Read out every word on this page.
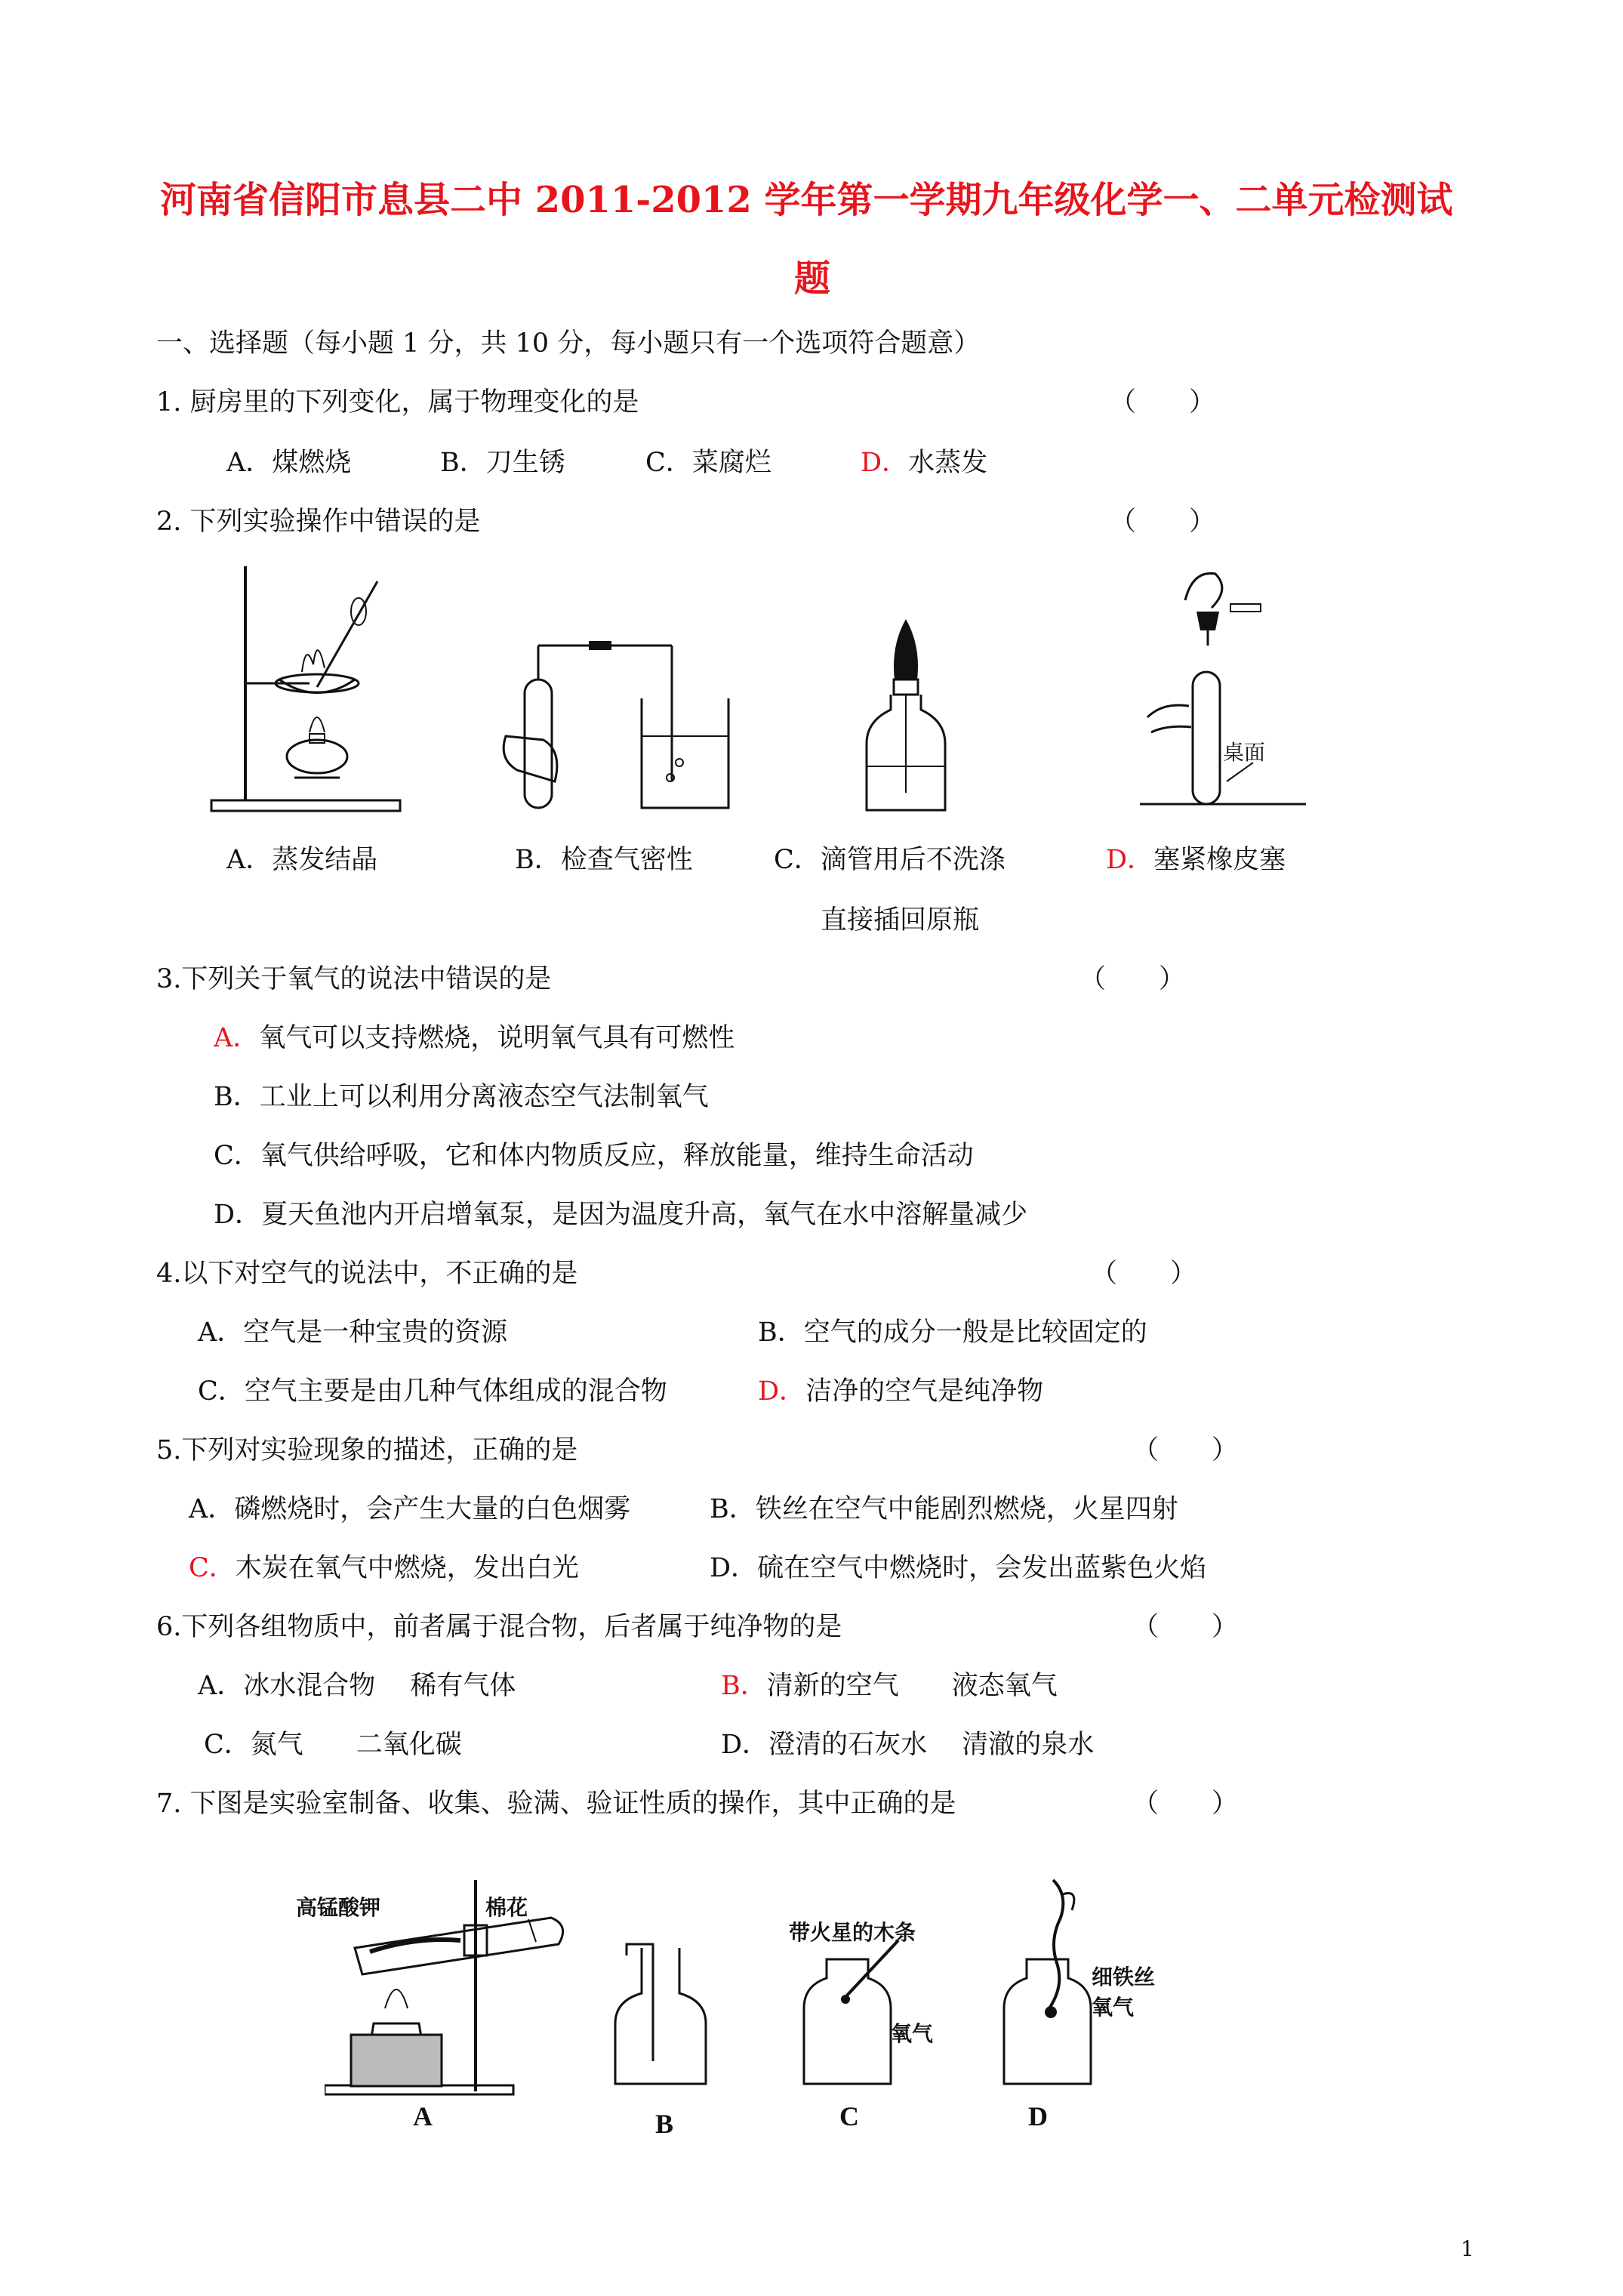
河南省信阳市息县二中 2011-2012 学年第一学期九年级化学一、二单元检测试
题
一、选择题（每小题 1 分，共 10 分，每小题只有一个选项符合题意）
1. 厨房里的下列变化，属于物理变化的是	（　　）
A．煤燃烧	B．刀生锈	C．菜腐烂	D．水蒸发
2. 下列实验操作中错误的是	（　　）
桌面
A．蒸发结晶	B．检查气密性	C．滴管用后不洗涤
直接插回原瓶
D．塞紧橡皮塞
3.下列关于氧气的说法中错误的是	（　　）
A．氧气可以支持燃烧，说明氧气具有可燃性
B．工业上可以利用分离液态空气法制氧气
C．氧气供给呼吸，它和体内物质反应，释放能量，维持生命活动
D．夏天鱼池内开启增氧泵，是因为温度升高，氧气在水中溶解量减少
4.以下对空气的说法中，不正确的是	（　　）
A．空气是一种宝贵的资源	B．空气的成分一般是比较固定的
C．空气主要是由几种气体组成的混合物	D．洁净的空气是纯净物
5.下列对实验现象的描述，正确的是	（　　）
A．磷燃烧时，会产生大量的白色烟雾	B．铁丝在空气中能剧烈燃烧，火星四射
C．木炭在氧气中燃烧，发出白光	D．硫在空气中燃烧时，会发出蓝紫色火焰
6.下列各组物质中，前者属于混合物，后者属于纯净物的是	（　　）
A．冰水混合物　 稀有气体	B．清新的空气　　液态氧气
C．氮气　　二氧化碳	D．澄清的石灰水　 清澈的泉水
7. 下图是实验室制备、收集、验满、验证性质的操作，其中正确的是	（　　）
高锰酸钾	棉花
A	B
带火星的木条
氧气
C
细铁丝
氧气
D
1
